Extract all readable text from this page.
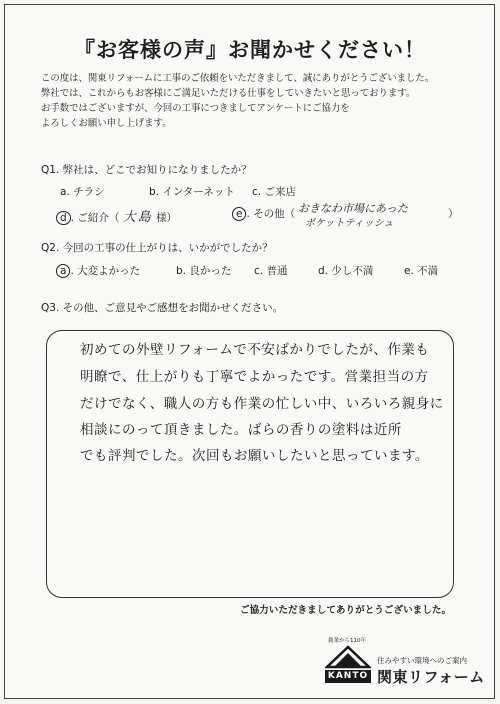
『お客様の声』お聞かせください！
この度は、関東リフォームに工事のご依頼をいただきまして、誠にありがとうございました。
弊社では、これからもお客様にご満足いただける仕事をしていきたいと思っております。
お手数ではございますが、今回の工事につきましてアンケートにご協力を
よろしくお願い申し上げます。
Q1. 弊社は、どこでお知りになりましたか？
a. チラシ	b. インターネット c. ご来店
d . ご紹介（ 大島 様）	e . その他（ おきなわ市場にあった
ポケットティッシュ
）
Q2. 今回の工事の仕上がりは、いかがでしたか？
a . 大変よかった	b. 良かった c. 普通	d. 少し不満	e. 不満
Q3. その他、ご意見やご感想をお聞かせください。
初めての外壁リフォームで不安ばかりでしたが、作業も
明瞭で、仕上がりも丁寧でよかったです。営業担当の方
だけでなく、職人の方も作業の忙しい中、いろいろ親身に
相談にのって頂きました。ばらの香りの塗料は近所
でも評判でした。次回もお願いしたいと思っています。
ご協力いただきましてありがとうございました。
創業から110年
KANTO
住みやすい環境へのご案内
関東リフォーム
